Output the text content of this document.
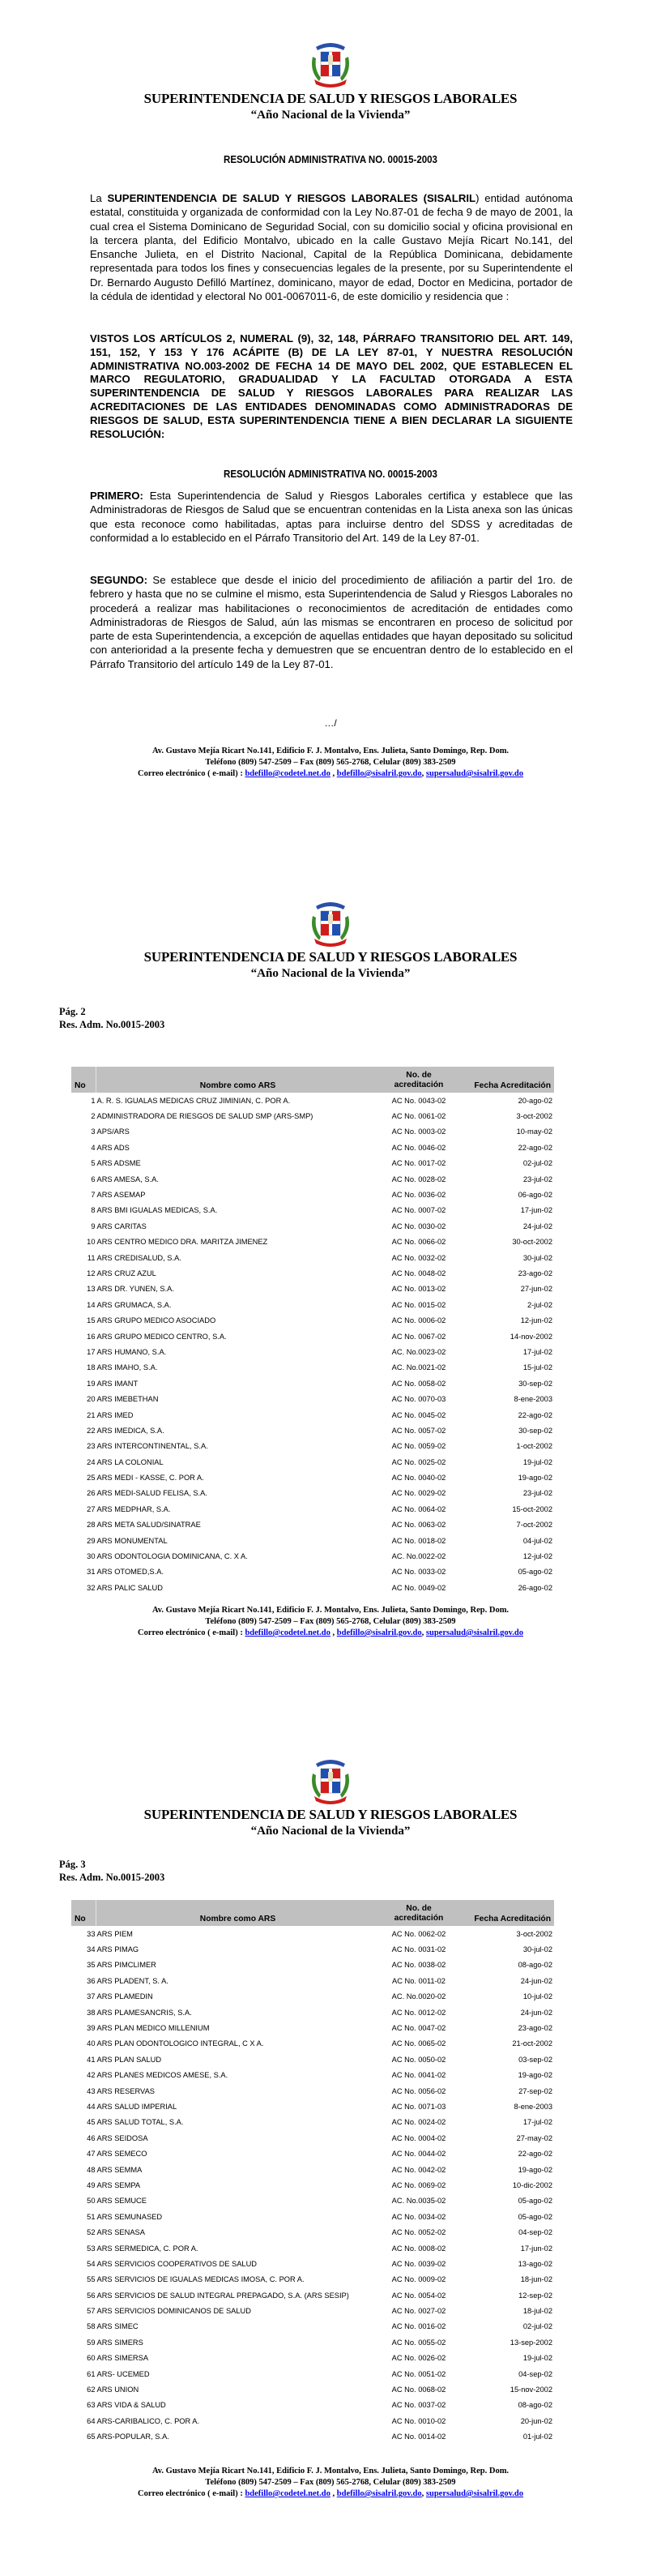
SUPERINTENDENCIA DE SALUD Y RIESGOS LABORALES
“Año Nacional de la Vivienda”
RESOLUCIÓN ADMINISTRATIVA NO. 00015-2003

La SUPERINTENDENCIA DE SALUD Y RIESGOS LABORALES (SISALRIL) entidad autónoma estatal, constituida y organizada de conformidad con la Ley No.87-01 de fecha 9 de mayo de 2001, la cual crea el Sistema Dominicano de Seguridad Social, con su domicilio social y oficina provisional en la tercera planta, del Edificio Montalvo, ubicado en la calle Gustavo Mejía Ricart No.141, del Ensanche Julieta, en el Distrito Nacional, Capital de la República Dominicana, debidamente representada para todos los fines y consecuencias legales de la presente, por su Superintendente el Dr. Bernardo Augusto Defilló Martínez, dominicano, mayor de edad, Doctor en Medicina, portador de la cédula de identidad y electoral No 001-0067011-6, de este domicilio y residencia que :

VISTOS LOS ARTÍCULOS 2, NUMERAL (9), 32, 148, PÁRRAFO TRANSITORIO DEL ART. 149, 151, 152, Y 153 Y 176 ACÁPITE (B) DE LA LEY 87-01, Y NUESTRA RESOLUCIÓN ADMINISTRATIVA NO.003-2002 DE FECHA 14 DE MAYO DEL 2002, QUE ESTABLECEN EL MARCO REGULATORIO, GRADUALIDAD Y LA FACULTAD OTORGADA A ESTA SUPERINTENDENCIA DE SALUD Y RIESGOS LABORALES PARA REALIZAR LAS ACREDITACIONES DE LAS ENTIDADES DENOMINADAS COMO ADMINISTRADORAS DE RIESGOS DE SALUD, ESTA SUPERINTENDENCIA TIENE A BIEN DECLARAR LA SIGUIENTE RESOLUCIÓN:

RESOLUCIÓN ADMINISTRATIVA NO. 00015-2003

PRIMERO: Esta Superintendencia de Salud y Riesgos Laborales certifica y establece que las Administradoras de Riesgos de Salud que se encuentran contenidas en la Lista anexa son las únicas que esta reconoce como habilitadas, aptas para incluirse dentro del SDSS y acreditadas de conformidad a lo establecido en el Párrafo Transitorio del Art. 149 de la Ley 87-01.

SEGUNDO: Se establece que desde el inicio del procedimiento de afiliación a partir del 1ro. de febrero y hasta que no se culmine el mismo, esta Superintendencia de Salud y Riesgos Laborales no procederá a realizar mas habilitaciones o reconocimientos de acreditación de entidades como Administradoras de Riesgos de Salud, aún las mismas se encontraren en proceso de solicitud por parte de esta Superintendencia, a excepción de aquellas entidades que hayan depositado su solicitud con anterioridad a la presente fecha y demuestren que se encuentran dentro de lo establecido en el Párrafo Transitorio del artículo 149 de la Ley 87-01.

…/
Av. Gustavo Mejía Ricart No.141, Edificio F. J. Montalvo, Ens. Julieta, Santo Domingo, Rep. Dom.
Teléfono (809) 547-2509 – Fax (809) 565-2768, Celular (809) 383-2509
Correo electrónico ( e-mail) : bdefillo@codetel.net.do , bdefillo@sisalril.gov.do, supersalud@sisalril.gov.do
SUPERINTENDENCIA DE SALUD Y RIESGOS LABORALES
“Año Nacional de la Vivienda”
Pág. 2
Res. Adm. No.0015-2003
No	Nombre como ARS	No. de
acreditación	Fecha Acreditación
1	A. R. S. IGUALAS MEDICAS CRUZ JIMINIAN, C. POR A.	AC No. 0043-02	20-ago-02
2	ADMINISTRADORA DE RIESGOS DE SALUD SMP (ARS-SMP)	AC No. 0061-02	3-oct-2002
3	APS/ARS	AC No. 0003-02	10-may-02
4	ARS ADS	AC No. 0046-02	22-ago-02
5	ARS ADSME	AC No. 0017-02	02-jul-02
6	ARS AMESA, S.A.	AC No. 0028-02	23-jul-02
7	ARS ASEMAP	AC No. 0036-02	06-ago-02
8	ARS BMI IGUALAS MEDICAS, S.A.	AC No. 0007-02	17-jun-02
9	ARS CARITAS	AC No. 0030-02	24-jul-02
10	ARS CENTRO MEDICO DRA. MARITZA JIMENEZ	AC No. 0066-02	30-oct-2002
11	ARS CREDISALUD, S.A.	AC No. 0032-02	30-jul-02
12	ARS CRUZ AZUL	AC No. 0048-02	23-ago-02
13	ARS DR. YUNEN, S.A.	AC No. 0013-02	27-jun-02
14	ARS GRUMACA, S.A.	AC No. 0015-02	2-jul-02
15	ARS GRUPO MEDICO ASOCIADO	AC No. 0006-02	12-jun-02
16	ARS GRUPO MEDICO CENTRO, S.A.	AC No. 0067-02	14-nov-2002
17	ARS HUMANO, S.A.	AC. No.0023-02	17-jul-02
18	ARS IMAHO, S.A.	AC. No.0021-02	15-jul-02
19	ARS IMANT	AC No. 0058-02	30-sep-02
20	ARS IMEBETHAN	AC No. 0070-03	8-ene-2003
21	ARS IMED	AC No. 0045-02	22-ago-02
22	ARS IMEDICA, S.A.	AC No. 0057-02	30-sep-02
23	ARS INTERCONTINENTAL, S.A.	AC No. 0059-02	1-oct-2002
24	ARS LA COLONIAL	AC No. 0025-02	19-jul-02
25	ARS MEDI - KASSE, C. POR A.	AC No. 0040-02	19-ago-02
26	ARS MEDI-SALUD FELISA, S.A.	AC No. 0029-02	23-jul-02
27	ARS MEDPHAR, S.A.	AC No. 0064-02	15-oct-2002
28	ARS META SALUD/SINATRAE	AC No. 0063-02	7-oct-2002
29	ARS MONUMENTAL	AC No. 0018-02	04-jul-02
30	ARS ODONTOLOGIA DOMINICANA, C. X A.	AC. No.0022-02	12-jul-02
31	ARS OTOMED,S.A.	AC No. 0033-02	05-ago-02
32	ARS PALIC SALUD	AC No. 0049-02	26-ago-02
Av. Gustavo Mejía Ricart No.141, Edificio F. J. Montalvo, Ens. Julieta, Santo Domingo, Rep. Dom.
Teléfono (809) 547-2509 – Fax (809) 565-2768, Celular (809) 383-2509
Correo electrónico ( e-mail) : bdefillo@codetel.net.do , bdefillo@sisalril.gov.do, supersalud@sisalril.gov.do
SUPERINTENDENCIA DE SALUD Y RIESGOS LABORALES
“Año Nacional de la Vivienda”
Pág. 3
Res. Adm. No.0015-2003
No	Nombre como ARS	No. de
acreditación	Fecha Acreditación
33	ARS PIEM	AC No. 0062-02	3-oct-2002
34	ARS PIMAG	AC No. 0031-02	30-jul-02
35	ARS PIMCLIMER	AC No. 0038-02	08-ago-02
36	ARS PLADENT, S. A.	AC No. 0011-02	24-jun-02
37	ARS PLAMEDIN	AC. No.0020-02	10-jul-02
38	ARS PLAMESANCRIS, S.A.	AC No. 0012-02	24-jun-02
39	ARS PLAN MEDICO MILLENIUM	AC No. 0047-02	23-ago-02
40	ARS PLAN ODONTOLOGICO INTEGRAL, C X A.	AC No. 0065-02	21-oct-2002
41	ARS PLAN SALUD	AC No. 0050-02	03-sep-02
42	ARS PLANES MEDICOS AMESE, S.A.	AC No. 0041-02	19-ago-02
43	ARS RESERVAS	AC No. 0056-02	27-sep-02
44	ARS SALUD IMPERIAL	AC No. 0071-03	8-ene-2003
45	ARS SALUD TOTAL, S.A.	AC No. 0024-02	17-jul-02
46	ARS SEIDOSA	AC No. 0004-02	27-may-02
47	ARS SEMECO	AC No. 0044-02	22-ago-02
48	ARS SEMMA	AC No. 0042-02	19-ago-02
49	ARS SEMPA	AC No. 0069-02	10-dic-2002
50	ARS SEMUCE	AC. No.0035-02	05-ago-02
51	ARS SEMUNASED	AC No. 0034-02	05-ago-02
52	ARS SENASA	AC No. 0052-02	04-sep-02
53	ARS SERMEDICA, C. POR A.	AC No. 0008-02	17-jun-02
54	ARS SERVICIOS COOPERATIVOS DE SALUD	AC No. 0039-02	13-ago-02
55	ARS SERVICIOS DE IGUALAS MEDICAS IMOSA, C. POR A.	AC No. 0009-02	18-jun-02
56	ARS SERVICIOS DE SALUD INTEGRAL PREPAGADO, S.A. (ARS SESIP)	AC No. 0054-02	12-sep-02
57	ARS SERVICIOS DOMINICANOS DE SALUD	AC No. 0027-02	18-jul-02
58	ARS SIMEC	AC No. 0016-02	02-jul-02
59	ARS SIMERS	AC No. 0055-02	13-sep-2002
60	ARS SIMERSA	AC No. 0026-02	19-jul-02
61	ARS- UCEMED	AC No. 0051-02	04-sep-02
62	ARS UNION	AC No. 0068-02	15-nov-2002
63	ARS VIDA & SALUD	AC No. 0037-02	08-ago-02
64	ARS-CARIBALICO, C. POR A.	AC No. 0010-02	20-jun-02
65	ARS-POPULAR, S.A.	AC No. 0014-02	01-jul-02
Av. Gustavo Mejía Ricart No.141, Edificio F. J. Montalvo, Ens. Julieta, Santo Domingo, Rep. Dom.
Teléfono (809) 547-2509 – Fax (809) 565-2768, Celular (809) 383-2509
Correo electrónico ( e-mail) : bdefillo@codetel.net.do , bdefillo@sisalril.gov.do, supersalud@sisalril.gov.do
